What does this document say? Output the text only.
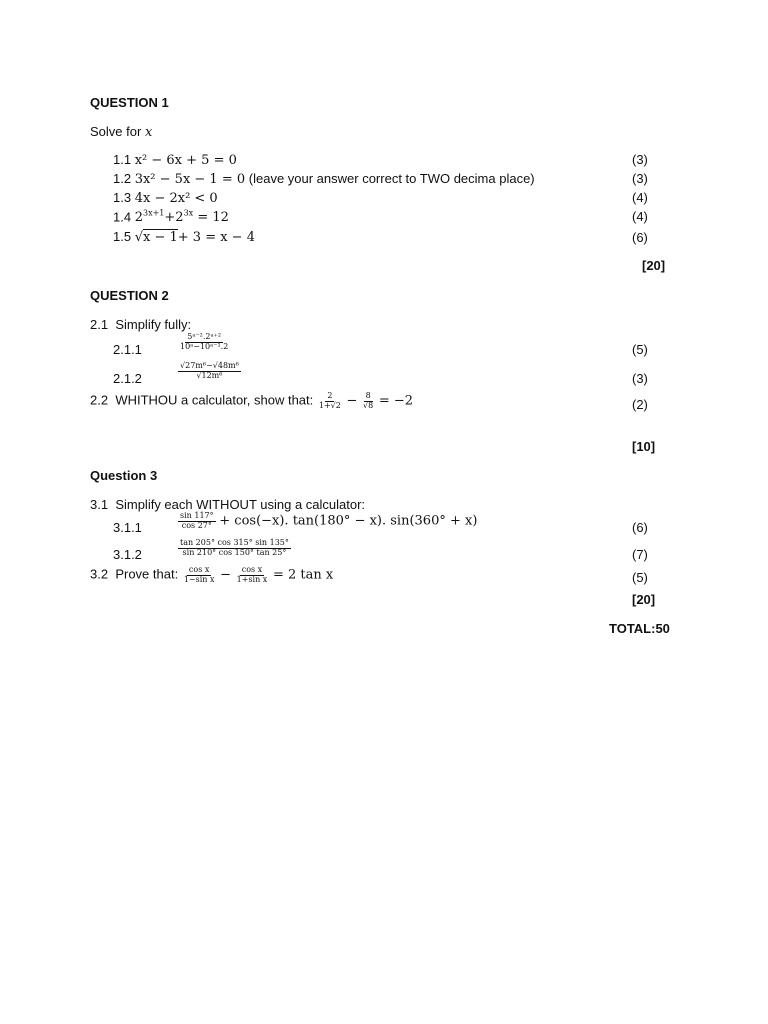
QUESTION 1
Solve for x
1.1 x² − 6x + 5 = 0	(3)
1.2 3x² − 5x − 1 = 0 (leave your answer correct to TWO decima place)	(3)
1.3 4x − 2x² < 0	(4)
1.4 $2^{3x+1}+2^{3x} = 12$	(4)
1.5 √x − 1+ 3 = x − 4	(6)
[20]
QUESTION 2
2.1 Simplify fully:
2.1.1	$\frac{\text{5ᵃ⁻².2ᵃ⁺²}}{\text{10ᵃ−10ᵃ⁻¹.2}}$	(5)
2.1.2	$\frac{\text{√27m⁶−√48m⁶}}{\text{√12m⁶}}$	(3)
2.2 WHITHOU a calculator, show that: $\frac{2}{1+√2} - \frac{8}{√8} = -2$	(2)
[10]
Question 3
3.1 Simplify each WITHOUT using a calculator:
3.1.1	$\frac{\sin 117^\circ}{\cos 27^\circ} + \cos(-x)$. tan(180° − x). sin(360° + x)	(6)
3.1.2	$\frac{\tan 205^\circ \cos 315^\circ \sin 135^\circ}{\sin 210^\circ \cos 150^\circ \tan 25^\circ}$	(7)
3.2 Prove that: $\frac{\text{cos x}}{\text{1−sin x}} - \frac{\text{cos x}}{\text{1+sin x}} = 2$ tan x	(5)
[20]
TOTAL:50
